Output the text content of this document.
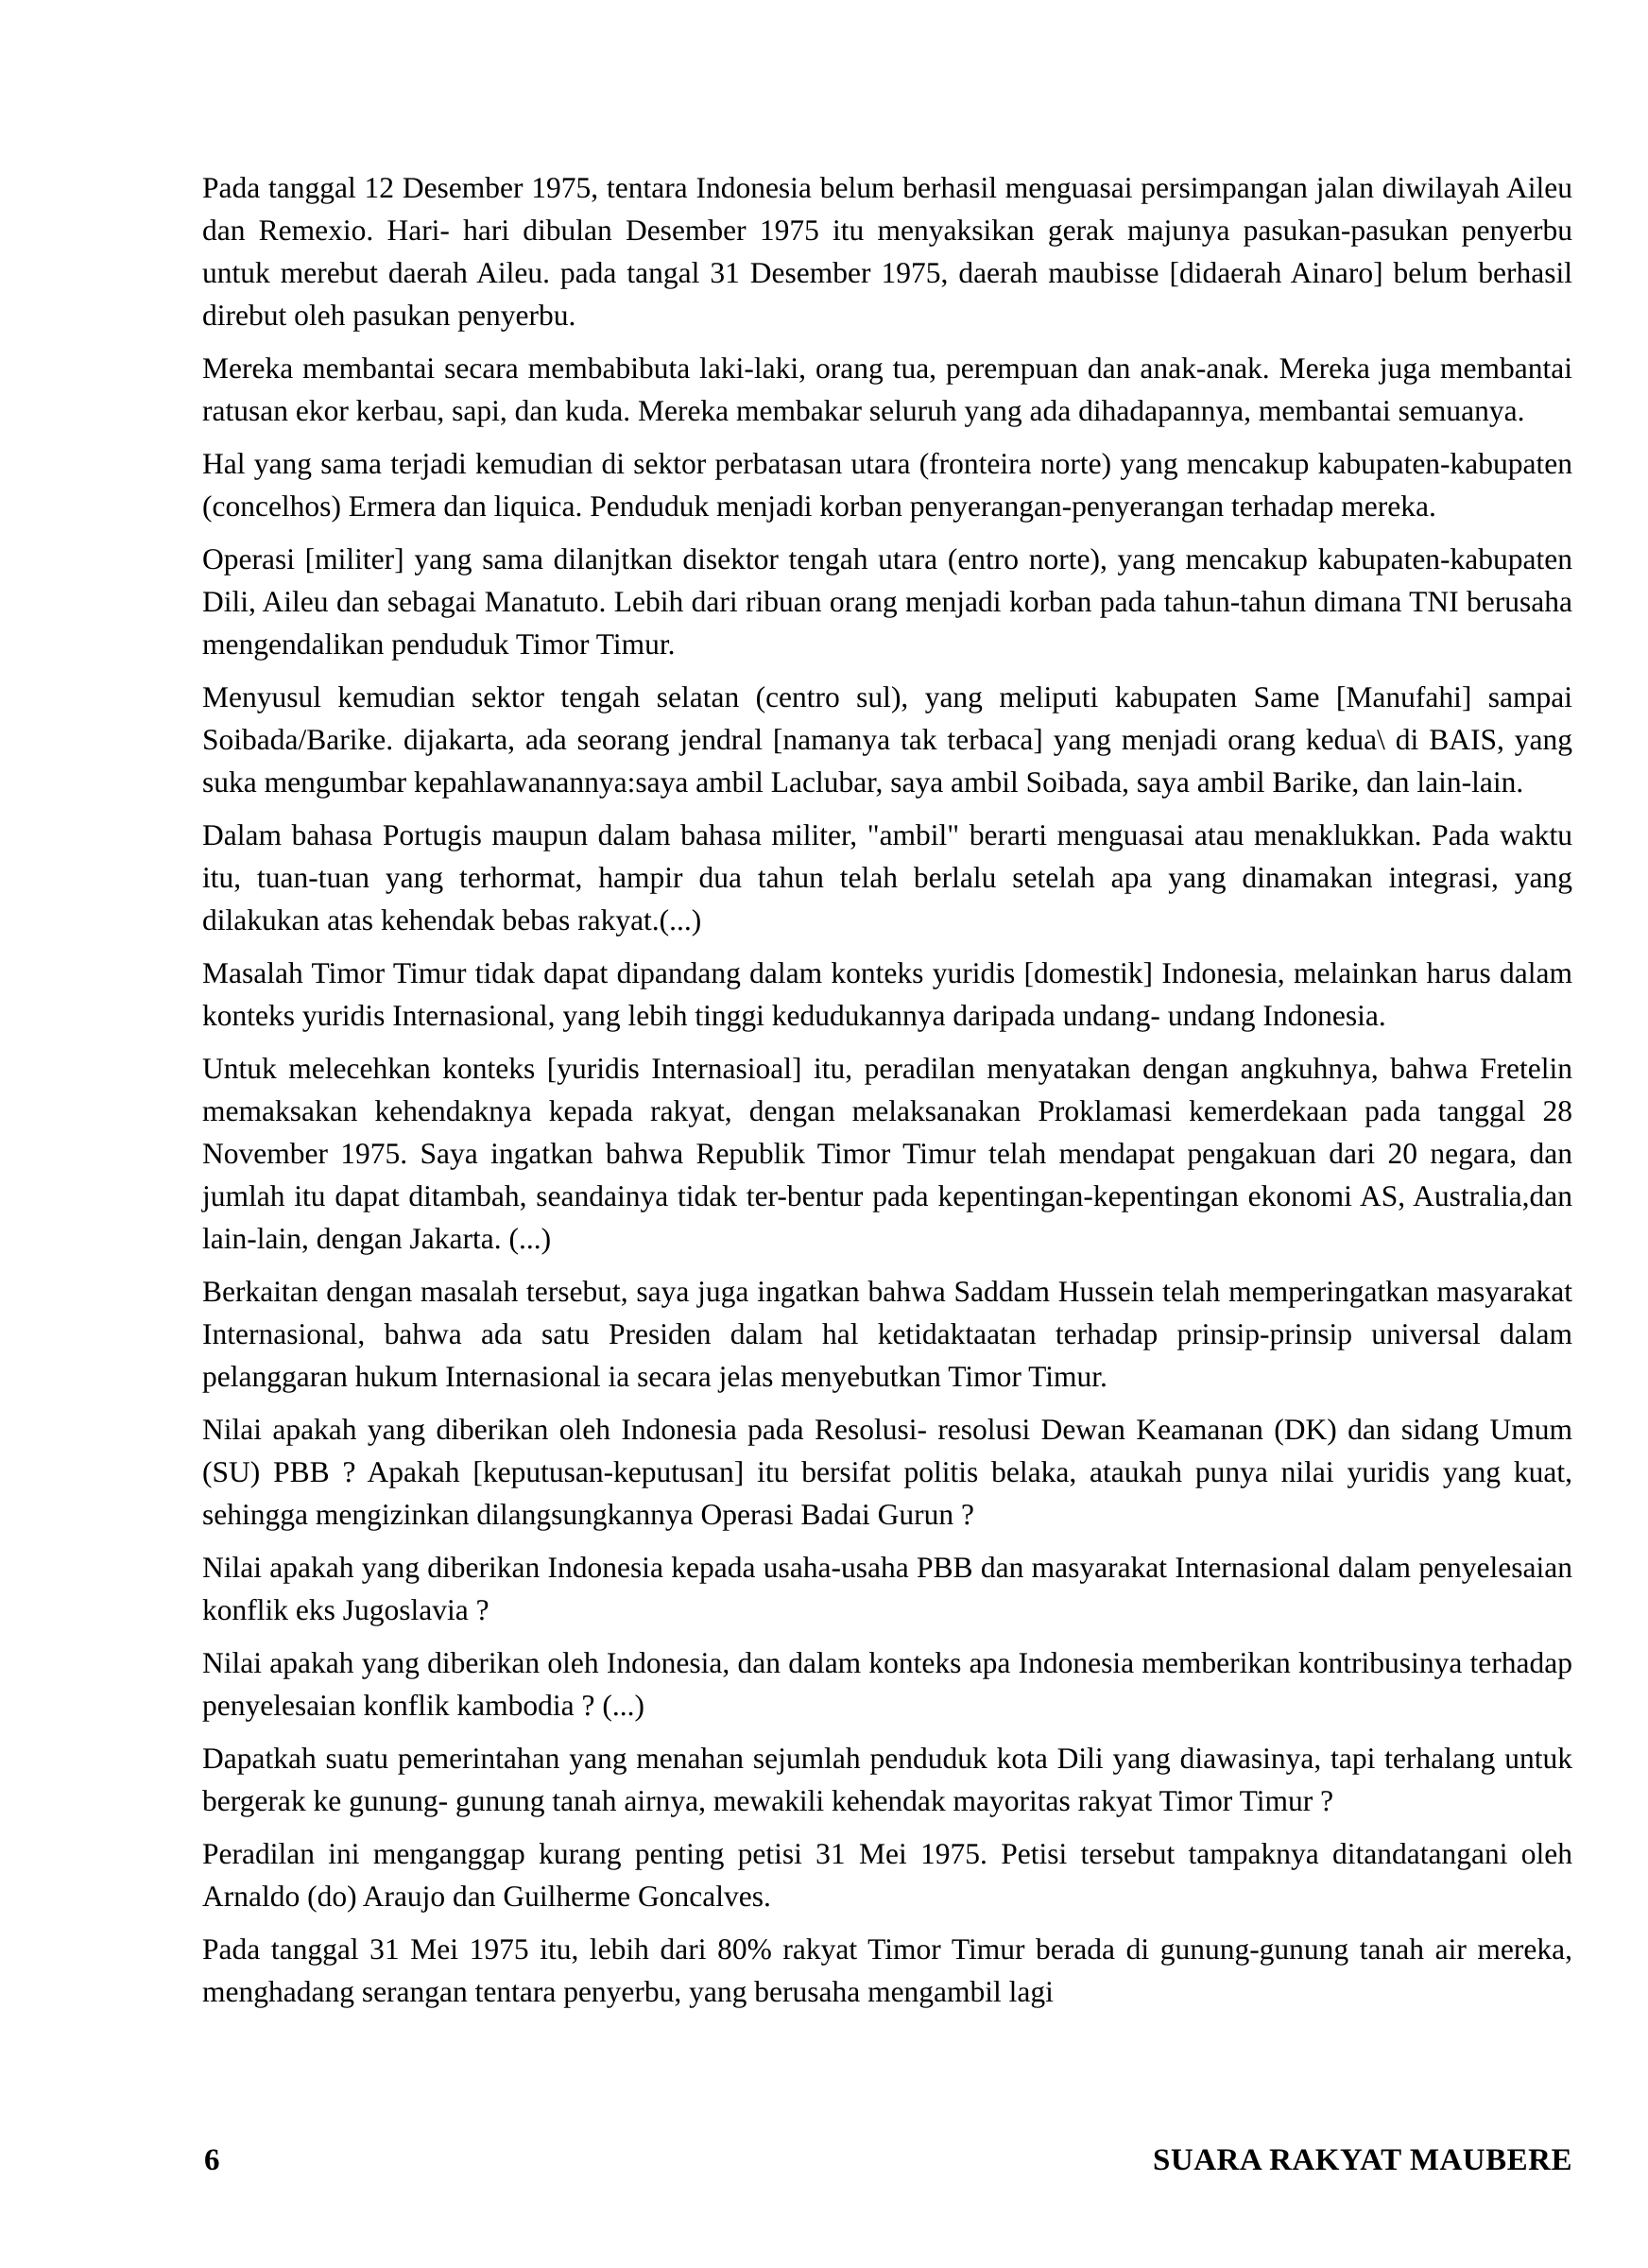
Pada tanggal 12 Desember 1975, tentara Indonesia belum berhasil menguasai persimpangan jalan diwilayah Aileu dan Remexio. Hari- hari dibulan Desember 1975 itu menyaksikan gerak majunya pasukan-pasukan penyerbu untuk merebut daerah Aileu. pada tangal 31 Desember 1975, daerah maubisse [didaerah Ainaro] belum berhasil direbut oleh pasukan penyerbu.

Mereka membantai secara membabibuta laki-laki, orang tua, perempuan dan anak-anak. Mereka juga membantai ratusan ekor kerbau, sapi, dan kuda. Mereka membakar seluruh yang ada dihadapannya, membantai semuanya.

Hal yang sama terjadi kemudian di sektor perbatasan utara (fronteira norte) yang mencakup kabupaten-kabupaten (concelhos) Ermera dan liquica. Penduduk menjadi korban penyerangan-penyerangan terhadap mereka.

Operasi [militer] yang sama dilanjtkan disektor tengah utara (entro norte), yang mencakup kabupaten-kabupaten Dili, Aileu dan sebagai Manatuto. Lebih dari ribuan orang menjadi korban pada tahun-tahun dimana TNI berusaha mengendalikan penduduk Timor Timur.

Menyusul kemudian sektor tengah selatan (centro sul), yang meliputi kabupaten Same [Manufahi] sampai Soibada/Barike. dijakarta, ada seorang jendral [namanya tak terbaca] yang menjadi orang kedua\ di BAIS, yang suka mengumbar kepahlawanannya:saya ambil Laclubar, saya ambil Soibada, saya ambil Barike, dan lain-lain.

Dalam bahasa Portugis maupun dalam bahasa militer, "ambil" berarti menguasai atau menaklukkan. Pada waktu itu, tuan-tuan yang terhormat, hampir dua tahun telah berlalu setelah apa yang dinamakan integrasi, yang dilakukan atas kehendak bebas rakyat.(...)

Masalah Timor Timur tidak dapat dipandang dalam konteks yuridis [domestik] Indonesia, melainkan harus dalam konteks yuridis Internasional, yang lebih tinggi kedudukannya daripada undang- undang Indonesia.

Untuk melecehkan konteks [yuridis Internasioal] itu, peradilan menyatakan dengan angkuhnya, bahwa Fretelin memaksakan kehendaknya kepada rakyat, dengan melaksanakan Proklamasi kemerdekaan pada tanggal 28 November 1975. Saya ingatkan bahwa Republik Timor Timur telah mendapat pengakuan dari 20 negara, dan jumlah itu dapat ditambah, seandainya tidak ter-bentur pada kepentingan-kepentingan ekonomi AS, Australia,dan lain-lain, dengan Jakarta. (...)

Berkaitan dengan masalah tersebut, saya juga ingatkan bahwa Saddam Hussein telah memperingatkan masyarakat Internasional, bahwa ada satu Presiden dalam hal ketidaktaatan terhadap prinsip-prinsip universal dalam pelanggaran hukum Internasional ia secara jelas menyebutkan Timor Timur.

Nilai apakah yang diberikan oleh Indonesia pada Resolusi- resolusi Dewan Keamanan (DK) dan sidang Umum (SU) PBB ? Apakah [keputusan-keputusan] itu bersifat politis belaka, ataukah punya nilai yuridis yang kuat, sehingga mengizinkan dilangsungkannya Operasi Badai Gurun ?

Nilai apakah yang diberikan Indonesia kepada usaha-usaha PBB dan masyarakat Internasional dalam penyelesaian konflik eks Jugoslavia ?

Nilai apakah yang diberikan oleh Indonesia, dan dalam konteks apa Indonesia memberikan kontribusinya terhadap penyelesaian konflik kambodia ? (...)

Dapatkah suatu pemerintahan yang menahan sejumlah penduduk kota Dili yang diawasinya, tapi terhalang untuk bergerak ke gunung- gunung tanah airnya, mewakili kehendak mayoritas rakyat Timor Timur ?

Peradilan ini menganggap kurang penting petisi 31 Mei 1975. Petisi tersebut tampaknya ditandatangani oleh Arnaldo (do) Araujo dan Guilherme Goncalves.

Pada tanggal 31 Mei 1975 itu, lebih dari 80% rakyat Timor Timur berada di gunung-gunung tanah air mereka, menghadang serangan tentara penyerbu, yang berusaha mengambil lagi

6	SUARA RAKYAT MAUBERE
